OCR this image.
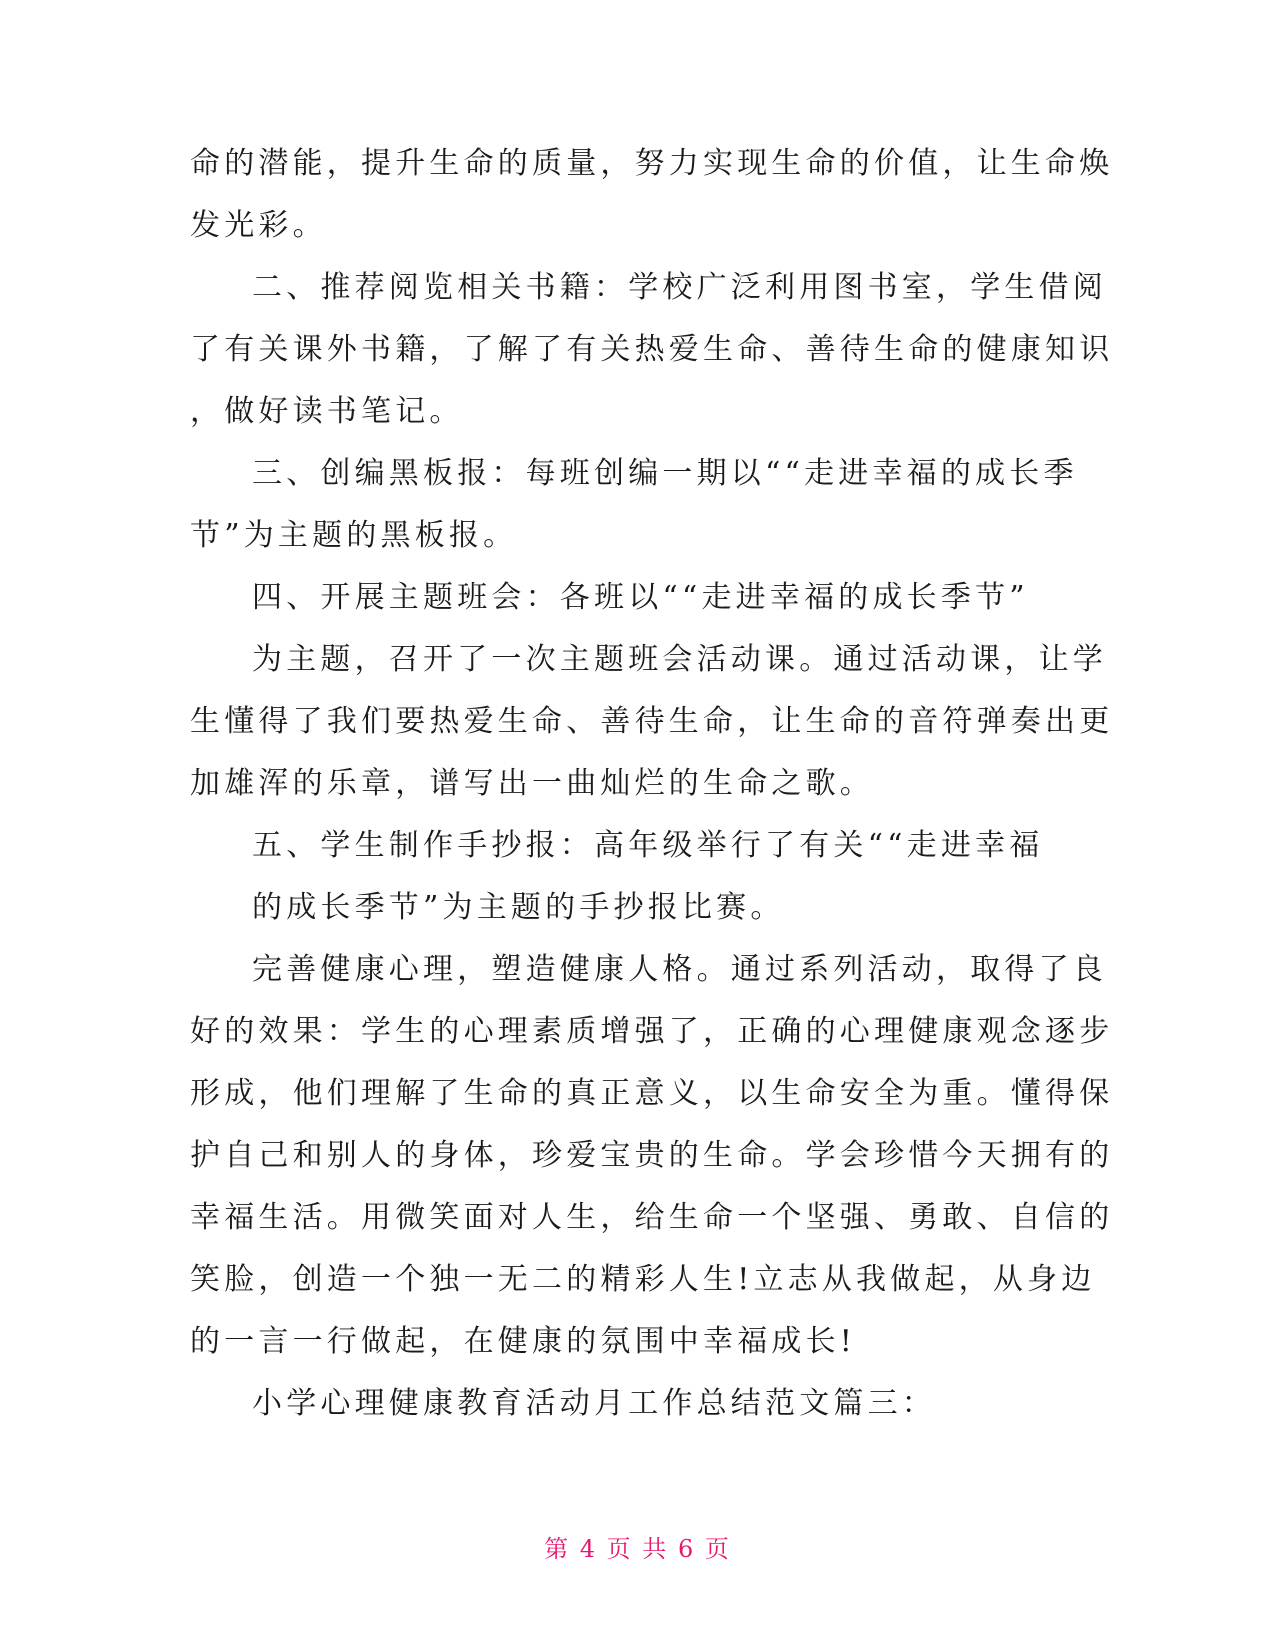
命的潜能，提升生命的质量，努力实现生命的价值，让生命焕
发光彩。
二、推荐阅览相关书籍：学校广泛利用图书室，学生借阅
了有关课外书籍，了解了有关热爱生命、善待生命的健康知识
，做好读书笔记。
三、创编黑板报：每班创编一期以““走进幸福的成长季
节”为主题的黑板报。
四、开展主题班会：各班以““走进幸福的成长季节”
为主题，召开了一次主题班会活动课。通过活动课，让学
生懂得了我们要热爱生命、善待生命，让生命的音符弹奏出更
加雄浑的乐章，谱写出一曲灿烂的生命之歌。
五、学生制作手抄报：高年级举行了有关““走进幸福
的成长季节”为主题的手抄报比赛。
完善健康心理，塑造健康人格。通过系列活动，取得了良
好的效果：学生的心理素质增强了，正确的心理健康观念逐步
形成，他们理解了生命的真正意义，以生命安全为重。懂得保
护自己和别人的身体，珍爱宝贵的生命。学会珍惜今天拥有的
幸福生活。用微笑面对人生，给生命一个坚强、勇敢、自信的
笑脸，创造一个独一无二的精彩人生!立志从我做起，从身边
的一言一行做起，在健康的氛围中幸福成长!
小学心理健康教育活动月工作总结范文篇三：
第 4 页 共 6 页
